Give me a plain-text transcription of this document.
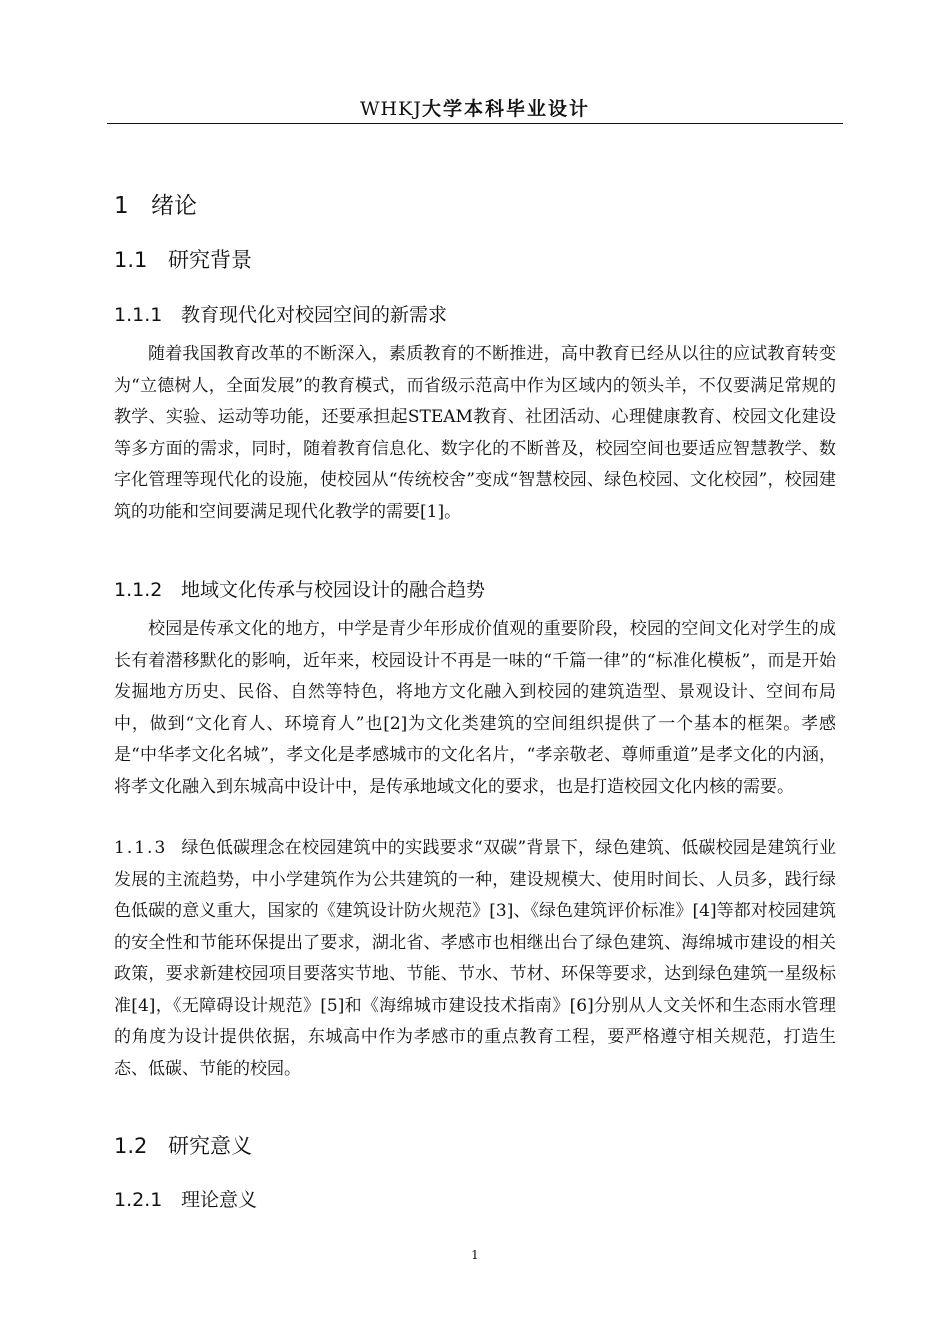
WHKJ大学本科毕业设计
1 绪论
1.1 研究背景
1.1.1 教育现代化对校园空间的新需求

随着我国教育改革的不断深入，素质教育的不断推进，高中教育已经从以往的应试教育转变为“立德树人，全面发展”的教育模式，而省级示范高中作为区域内的领头羊，不仅要满足常规的教学、实验、运动等功能，还要承担起STEAM教育、社团活动、心理健康教育、校园文化建设等多方面的需求，同时，随着教育信息化、数字化的不断普及，校园空间也要适应智慧教学、数字化管理等现代化的设施，使校园从“传统校舍”变成“智慧校园、绿色校园、文化校园”，校园建筑的功能和空间要满足现代化教学的需要[1]。

1.1.2 地域文化传承与校园设计的融合趋势

校园是传承文化的地方，中学是青少年形成价值观的重要阶段，校园的空间文化对学生的成长有着潜移默化的影响，近年来，校园设计不再是一味的“千篇一律”的“标准化模板”，而是开始发掘地方历史、民俗、自然等特色，将地方文化融入到校园的建筑造型、景观设计、空间布局中，做到“文化育人、环境育人”也[2]为文化类建筑的空间组织提供了一个基本的框架。孝感是“中华孝文化名城”，孝文化是孝感城市的文化名片，“孝亲敬老、尊师重道”是孝文化的内涵，将孝文化融入到东城高中设计中，是传承地域文化的要求，也是打造校园文化内核的需要。

1.1.3 绿色低碳理念在校园建筑中的实践要求“双碳”背景下，绿色建筑、低碳校园是建筑行业发展的主流趋势，中小学建筑作为公共建筑的一种，建设规模大、使用时间长、人员多，践行绿色低碳的意义重大，国家的《建筑设计防火规范》[3]、《绿色建筑评价标准》[4]等都对校园建筑的安全性和节能环保提出了要求，湖北省、孝感市也相继出台了绿色建筑、海绵城市建设的相关政策，要求新建校园项目要落实节地、节能、节水、节材、环保等要求，达到绿色建筑一星级标准[4]，《无障碍设计规范》[5]和《海绵城市建设技术指南》[6]分别从人文关怀和生态雨水管理的角度为设计提供依据，东城高中作为孝感市的重点教育工程，要严格遵守相关规范，打造生态、低碳、节能的校园。

1.2 研究意义
1.2.1 理论意义
1
